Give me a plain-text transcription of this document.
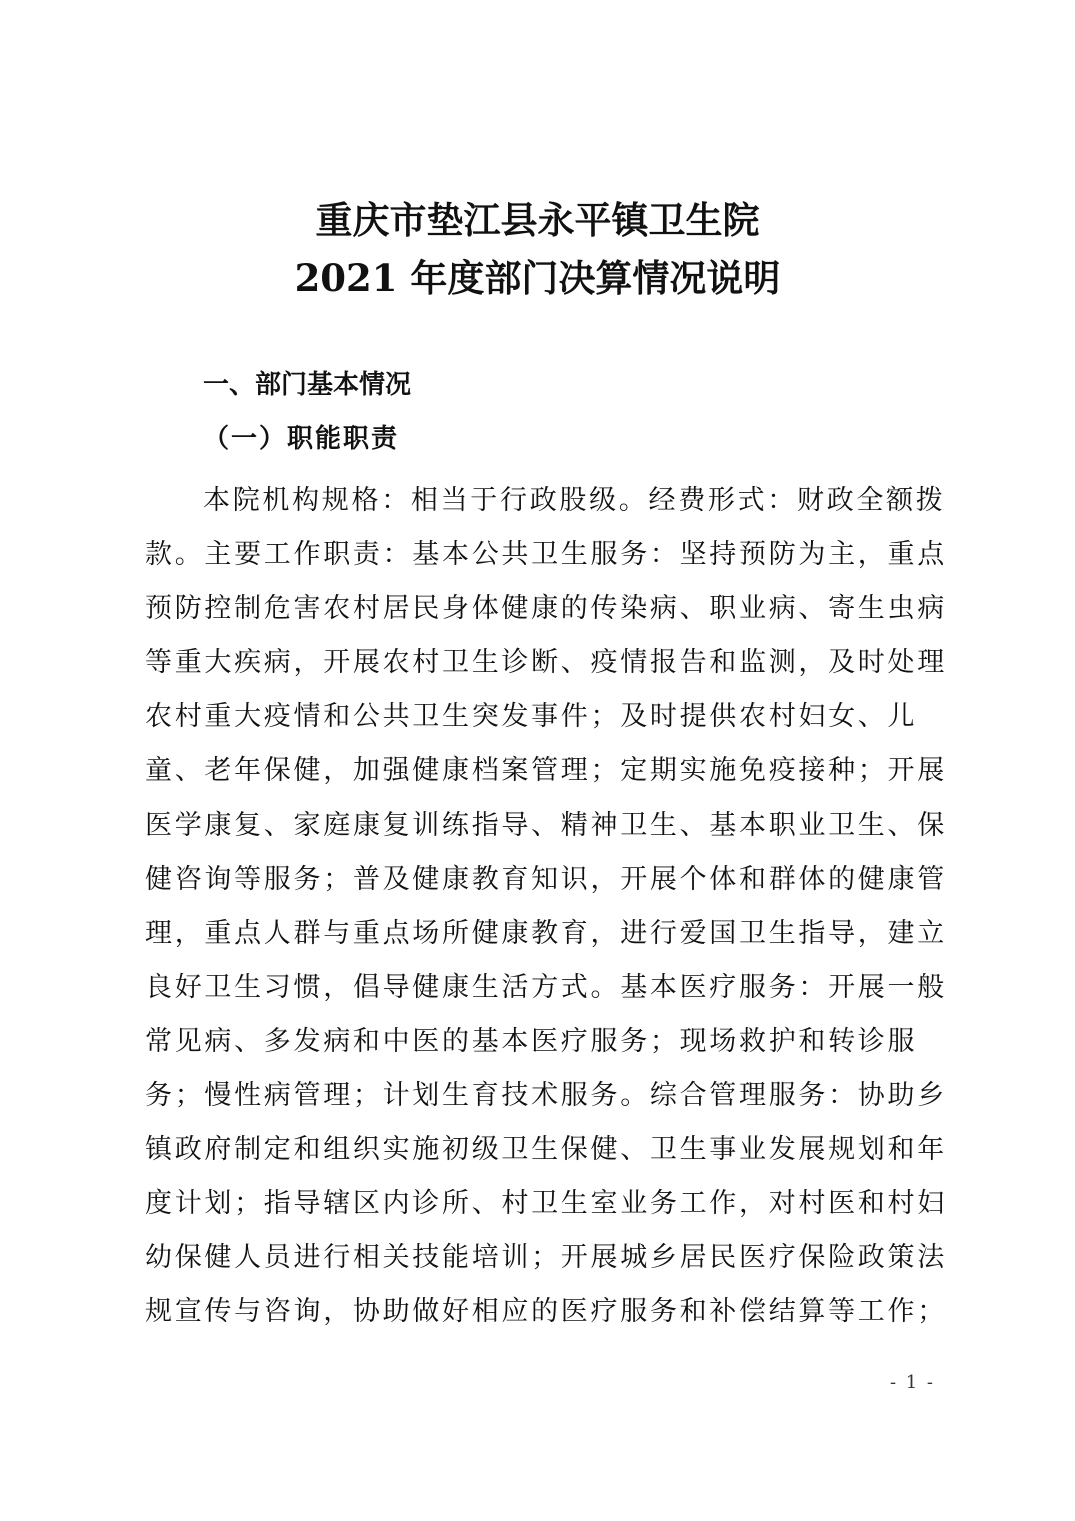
重庆市垫江县永平镇卫生院
2021 年度部门决算情况说明
一、部门基本情况
（一）职能职责
本院机构规格：相当于行政股级。经费形式：财政全额拨
款。主要工作职责：基本公共卫生服务：坚持预防为主，重点
预防控制危害农村居民身体健康的传染病、职业病、寄生虫病
等重大疾病，开展农村卫生诊断、疫情报告和监测，及时处理
农村重大疫情和公共卫生突发事件；及时提供农村妇女、儿
童、老年保健，加强健康档案管理；定期实施免疫接种；开展
医学康复、家庭康复训练指导、精神卫生、基本职业卫生、保
健咨询等服务；普及健康教育知识，开展个体和群体的健康管
理，重点人群与重点场所健康教育，进行爱国卫生指导，建立
良好卫生习惯，倡导健康生活方式。基本医疗服务：开展一般
常见病、多发病和中医的基本医疗服务；现场救护和转诊服
务；慢性病管理；计划生育技术服务。综合管理服务：协助乡
镇政府制定和组织实施初级卫生保健、卫生事业发展规划和年
度计划；指导辖区内诊所、村卫生室业务工作，对村医和村妇
幼保健人员进行相关技能培训；开展城乡居民医疗保险政策法
规宣传与咨询，协助做好相应的医疗服务和补偿结算等工作；
- 1 -
